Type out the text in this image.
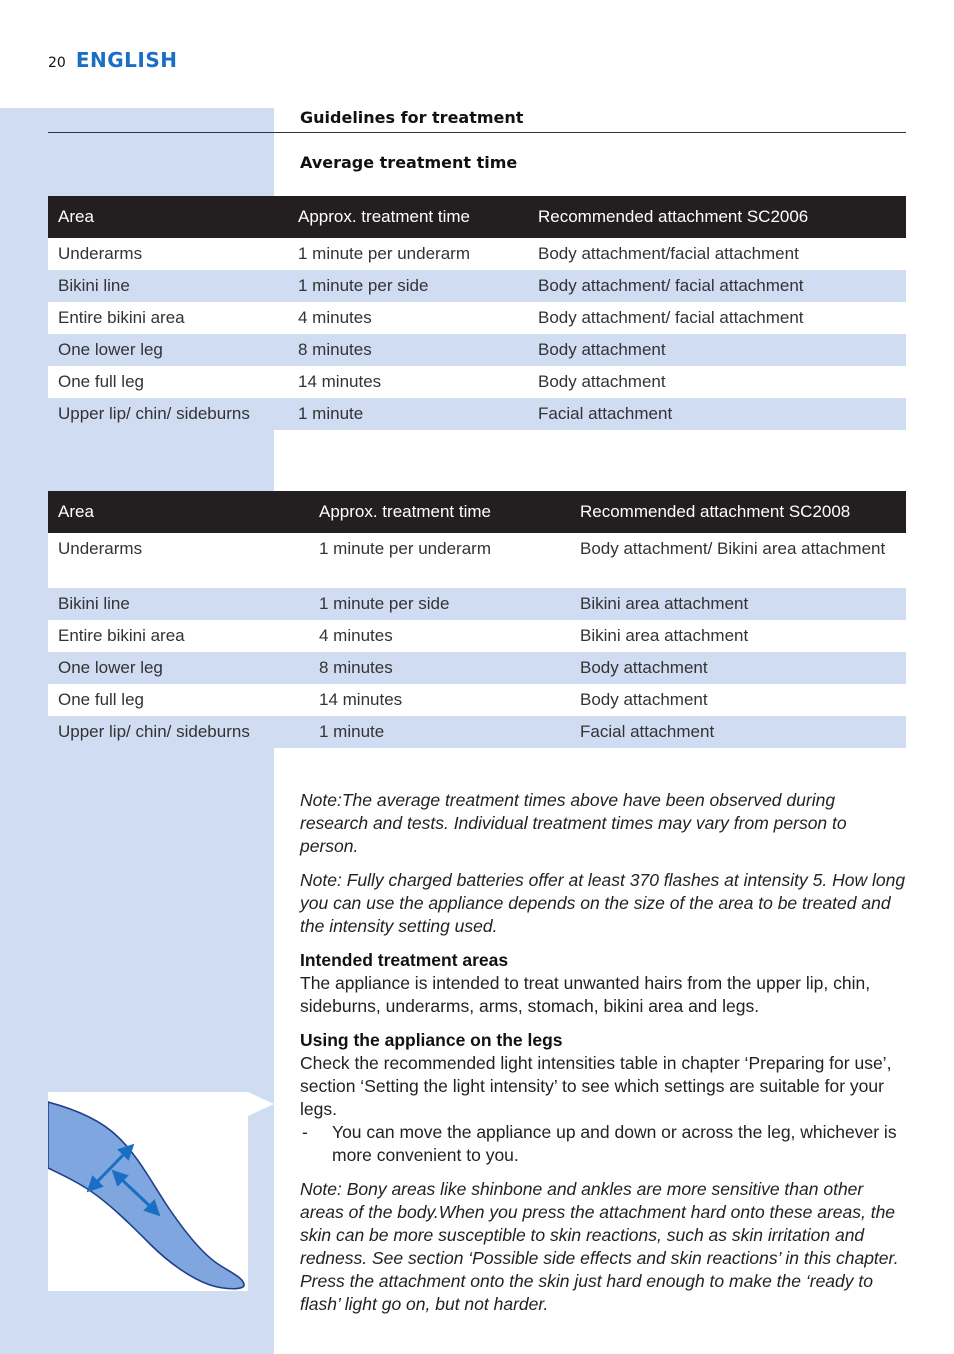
20 ENGLISH
Guidelines for treatment
Average treatment time
Area	Approx. treatment time	Recommended attachment SC2006
Underarms	1 minute per underarm	Body attachment/facial attachment
Bikini line	1 minute per side	Body attachment/ facial attachment
Entire bikini area	4 minutes	Body attachment/ facial attachment
One lower leg	8 minutes	Body attachment
One full leg	14 minutes	Body attachment
Upper lip/ chin/ sideburns	1 minute	Facial attachment
Area	Approx. treatment time	Recommended attachment SC2008
Underarms	1 minute per underarm	Body attachment/ Bikini area attachment
Bikini line	1 minute per side	Bikini area attachment
Entire bikini area	4 minutes	Bikini area attachment
One lower leg	8 minutes	Body attachment
One full leg	14 minutes	Body attachment
Upper lip/ chin/ sideburns	1 minute	Facial attachment

Note:The average treatment times above have been observed during research and tests. Individual treatment times may vary from person to person.

Note: Fully charged batteries offer at least 370 flashes at intensity 5. How long you can use the appliance depends on the size of the area to be treated and the intensity setting used.

Intended treatment areas

The appliance is intended to treat unwanted hairs from the upper lip, chin, sideburns, underarms, arms, stomach, bikini area and legs.

Using the appliance on the legs

Check the recommended light intensities table in chapter ‘Preparing for use’, section ‘Setting the light intensity’ to see which settings are suitable for your legs.

-	You can move the appliance up and down or across the leg, whichever is more convenient to you.

Note: Bony areas like shinbone and ankles are more sensitive than other areas of the body.When you press the attachment hard onto these areas, the skin can be more susceptible to skin reactions, such as skin irritation and redness. See section ‘Possible side effects and skin reactions’ in this chapter. Press the attachment onto the skin just hard enough to make the ‘ready to flash’ light go on, but not harder.
